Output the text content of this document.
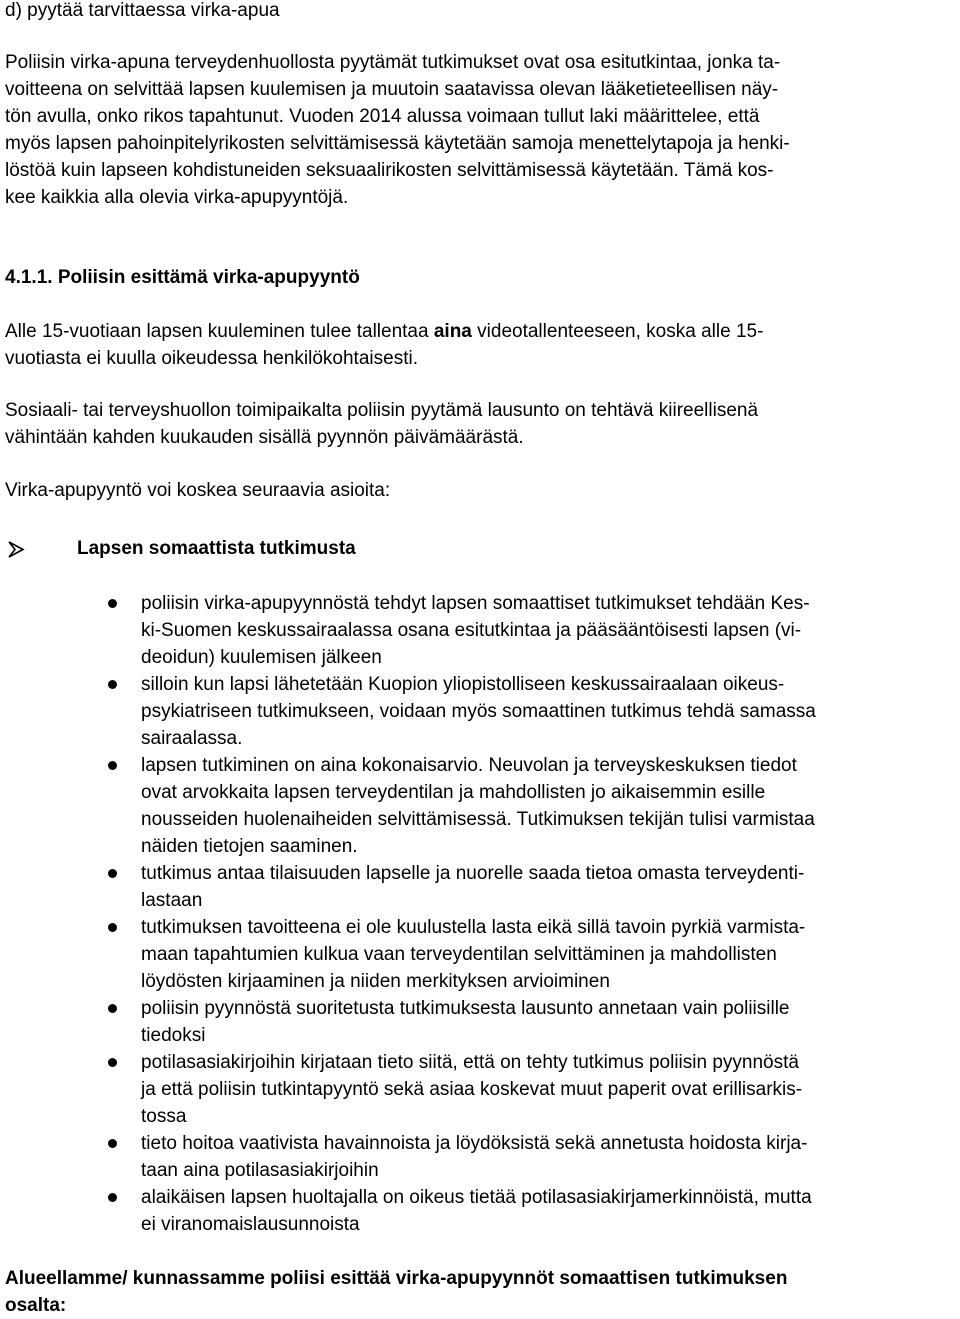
d) pyytää tarvittaessa virka-apua
Poliisin virka-apuna terveydenhuollosta pyytämät tutkimukset ovat osa esitutkintaa, jonka ta-
voitteena on selvittää lapsen kuulemisen ja muutoin saatavissa olevan lääketieteellisen näy-
tön avulla, onko rikos tapahtunut. Vuoden 2014 alussa voimaan tullut laki määrittelee, että
myös lapsen pahoinpitelyrikosten selvittämisessä käytetään samoja menettelytapoja ja henki-
löstöä kuin lapseen kohdistuneiden seksuaalirikosten selvittämisessä käytetään. Tämä kos-
kee kaikkia alla olevia virka-apupyyntöjä.
4.1.1. Poliisin esittämä virka-apupyyntö
Alle 15-vuotiaan lapsen kuuleminen tulee tallentaa aina videotallenteeseen, koska alle 15-
vuotiasta ei kuulla oikeudessa henkilökohtaisesti.
Sosiaali- tai terveyshuollon toimipaikalta poliisin pyytämä lausunto on tehtävä kiireellisenä
vähintään kahden kuukauden sisällä pyynnön päivämäärästä.
Virka-apupyyntö voi koskea seuraavia asioita:
Lapsen somaattista tutkimusta
poliisin virka-apupyynnöstä tehdyt lapsen somaattiset tutkimukset tehdään Kes-
ki-Suomen keskussairaalassa osana esitutkintaa ja pääsääntöisesti lapsen (vi-
deoidun) kuulemisen jälkeen
silloin kun lapsi lähetetään Kuopion yliopistolliseen keskussairaalaan oikeus-
psykiatriseen tutkimukseen, voidaan myös somaattinen tutkimus tehdä samassa
sairaalassa.
lapsen tutkiminen on aina kokonaisarvio. Neuvolan ja terveyskeskuksen tiedot
ovat arvokkaita lapsen terveydentilan ja mahdollisten jo aikaisemmin esille
nousseiden huolenaiheiden selvittämisessä. Tutkimuksen tekijän tulisi varmistaa
näiden tietojen saaminen.
tutkimus antaa tilaisuuden lapselle ja nuorelle saada tietoa omasta terveydenti-
lastaan
tutkimuksen tavoitteena ei ole kuulustella lasta eikä sillä tavoin pyrkiä varmista-
maan tapahtumien kulkua vaan terveydentilan selvittäminen ja mahdollisten
löydösten kirjaaminen ja niiden merkityksen arvioiminen
poliisin pyynnöstä suoritetusta tutkimuksesta lausunto annetaan vain poliisille
tiedoksi
potilasasiakirjoihin kirjataan tieto siitä, että on tehty tutkimus poliisin pyynnöstä
ja että poliisin tutkintapyyntö sekä asiaa koskevat muut paperit ovat erillisarkis-
tossa
tieto hoitoa vaativista havainnoista ja löydöksistä sekä annetusta hoidosta kirja-
taan aina potilasasiakirjoihin
alaikäisen lapsen huoltajalla on oikeus tietää potilasasiakirjamerkinnöistä, mutta
ei viranomaislausunnoista
Alueellamme/ kunnassamme poliisi esittää virka-apupyynnöt somaattisen tutkimuksen
osalta:
